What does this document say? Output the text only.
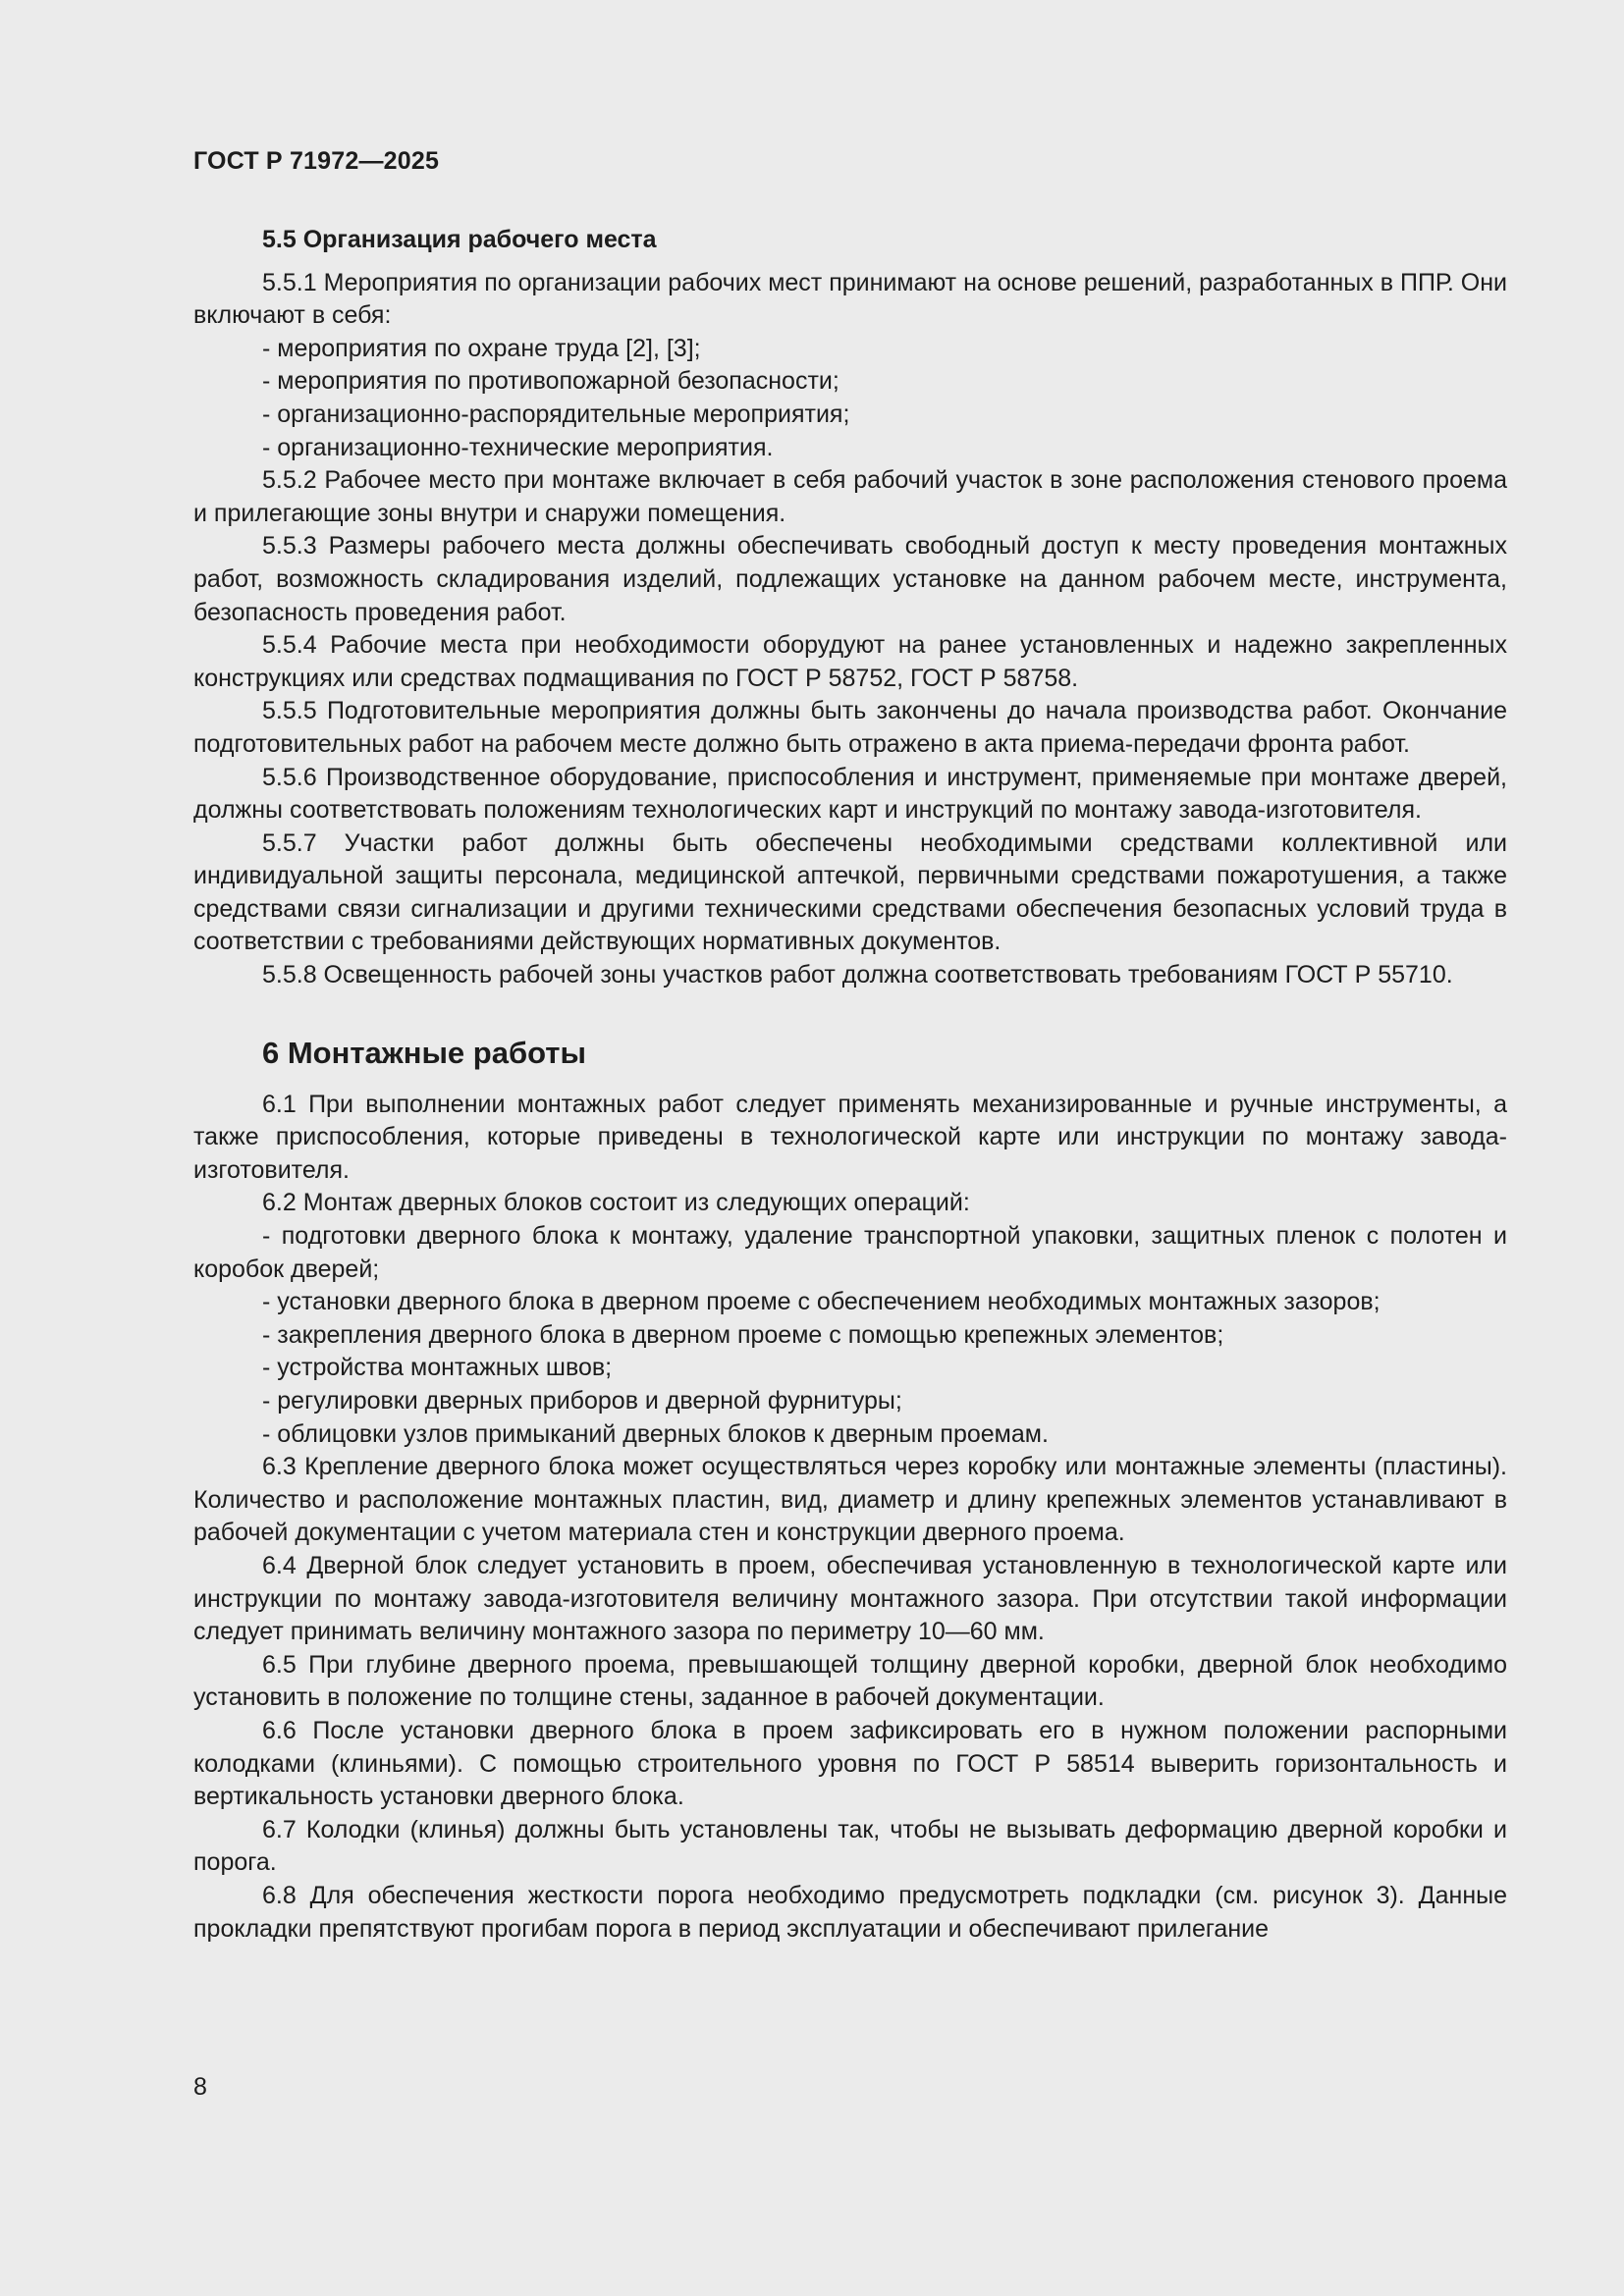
ГОСТ Р 71972—2025
5.5 Организация рабочего места

5.5.1 Мероприятия по организации рабочих мест принимают на основе решений, разработанных в ППР. Они включают в себя:

- мероприятия по охране труда [2], [3];

- мероприятия по противопожарной безопасности;

- организационно-распорядительные мероприятия;

- организационно-технические мероприятия.

5.5.2 Рабочее место при монтаже включает в себя рабочий участок в зоне расположения стенового проема и прилегающие зоны внутри и снаружи помещения.

5.5.3 Размеры рабочего места должны обеспечивать свободный доступ к месту проведения монтажных работ, возможность складирования изделий, подлежащих установке на данном рабочем месте, инструмента, безопасность проведения работ.

5.5.4 Рабочие места при необходимости оборудуют на ранее установленных и надежно закрепленных конструкциях или средствах подмащивания по ГОСТ Р 58752, ГОСТ Р 58758.

5.5.5 Подготовительные мероприятия должны быть закончены до начала производства работ. Окончание подготовительных работ на рабочем месте должно быть отражено в акта приема-передачи фронта работ.

5.5.6 Производственное оборудование, приспособления и инструмент, применяемые при монтаже дверей, должны соответствовать положениям технологических карт и инструкций по монтажу завода-изготовителя.

5.5.7 Участки работ должны быть обеспечены необходимыми средствами коллективной или индивидуальной защиты персонала, медицинской аптечкой, первичными средствами пожаротушения, а также средствами связи сигнализации и другими техническими средствами обеспечения безопасных условий труда в соответствии с требованиями действующих нормативных документов.

5.5.8 Освещенность рабочей зоны участков работ должна соответствовать требованиям ГОСТ Р 55710.

6 Монтажные работы

6.1 При выполнении монтажных работ следует применять механизированные и ручные инструменты, а также приспособления, которые приведены в технологической карте или инструкции по монтажу завода-изготовителя.

6.2 Монтаж дверных блоков состоит из следующих операций:

- подготовки дверного блока к монтажу, удаление транспортной упаковки, защитных пленок с полотен и коробок дверей;

- установки дверного блока в дверном проеме с обеспечением необходимых монтажных зазоров;

- закрепления дверного блока в дверном проеме с помощью крепежных элементов;

- устройства монтажных швов;

- регулировки дверных приборов и дверной фурнитуры;

- облицовки узлов примыканий дверных блоков к дверным проемам.

6.3 Крепление дверного блока может осуществляться через коробку или монтажные элементы (пластины). Количество и расположение монтажных пластин, вид, диаметр и длину крепежных элементов устанавливают в рабочей документации с учетом материала стен и конструкции дверного проема.

6.4 Дверной блок следует установить в проем, обеспечивая установленную в технологической карте или инструкции по монтажу завода-изготовителя величину монтажного зазора. При отсутствии такой информации следует принимать величину монтажного зазора по периметру 10—60 мм.

6.5 При глубине дверного проема, превышающей толщину дверной коробки, дверной блок необходимо установить в положение по толщине стены, заданное в рабочей документации.

6.6 После установки дверного блока в проем зафиксировать его в нужном положении распорными колодками (клиньями). С помощью строительного уровня по ГОСТ Р 58514 выверить горизонтальность и вертикальность установки дверного блока.

6.7 Колодки (клинья) должны быть установлены так, чтобы не вызывать деформацию дверной коробки и порога.

6.8 Для обеспечения жесткости порога необходимо предусмотреть подкладки (см. рисунок 3). Данные прокладки препятствуют прогибам порога в период эксплуатации и обеспечивают прилегание

8
